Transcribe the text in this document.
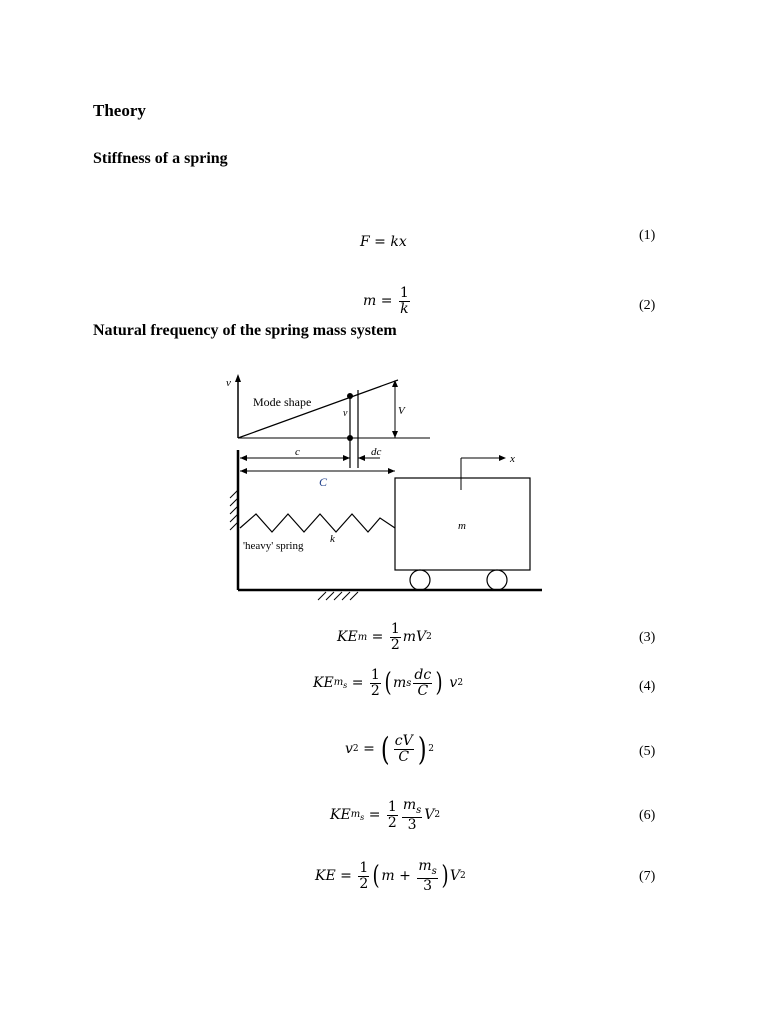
Theory
Stiffness of a spring
F = kx	(1)
$m = \frac{1}{k}$	(2)
Natural frequency of the spring mass system
v
Mode shape
v	V
c	dc
C
'heavy' spring
k
m
x
KE $m = \frac{1}{2}$ mV 2	(3)
KE $m_s = \frac{1}{2}$ ( m s $\frac{dc}{C}$ ) v 2	(4)
v 2 = ( $\frac{cV}{C}$ ) 2	(5)
KE $m_s = \frac{1}{2} \frac{m_s}{3}$ V 2	(6)
KE = $\frac{1}{2}$ ( $m + \frac{m_s}{3}$ ) V 2	(7)
